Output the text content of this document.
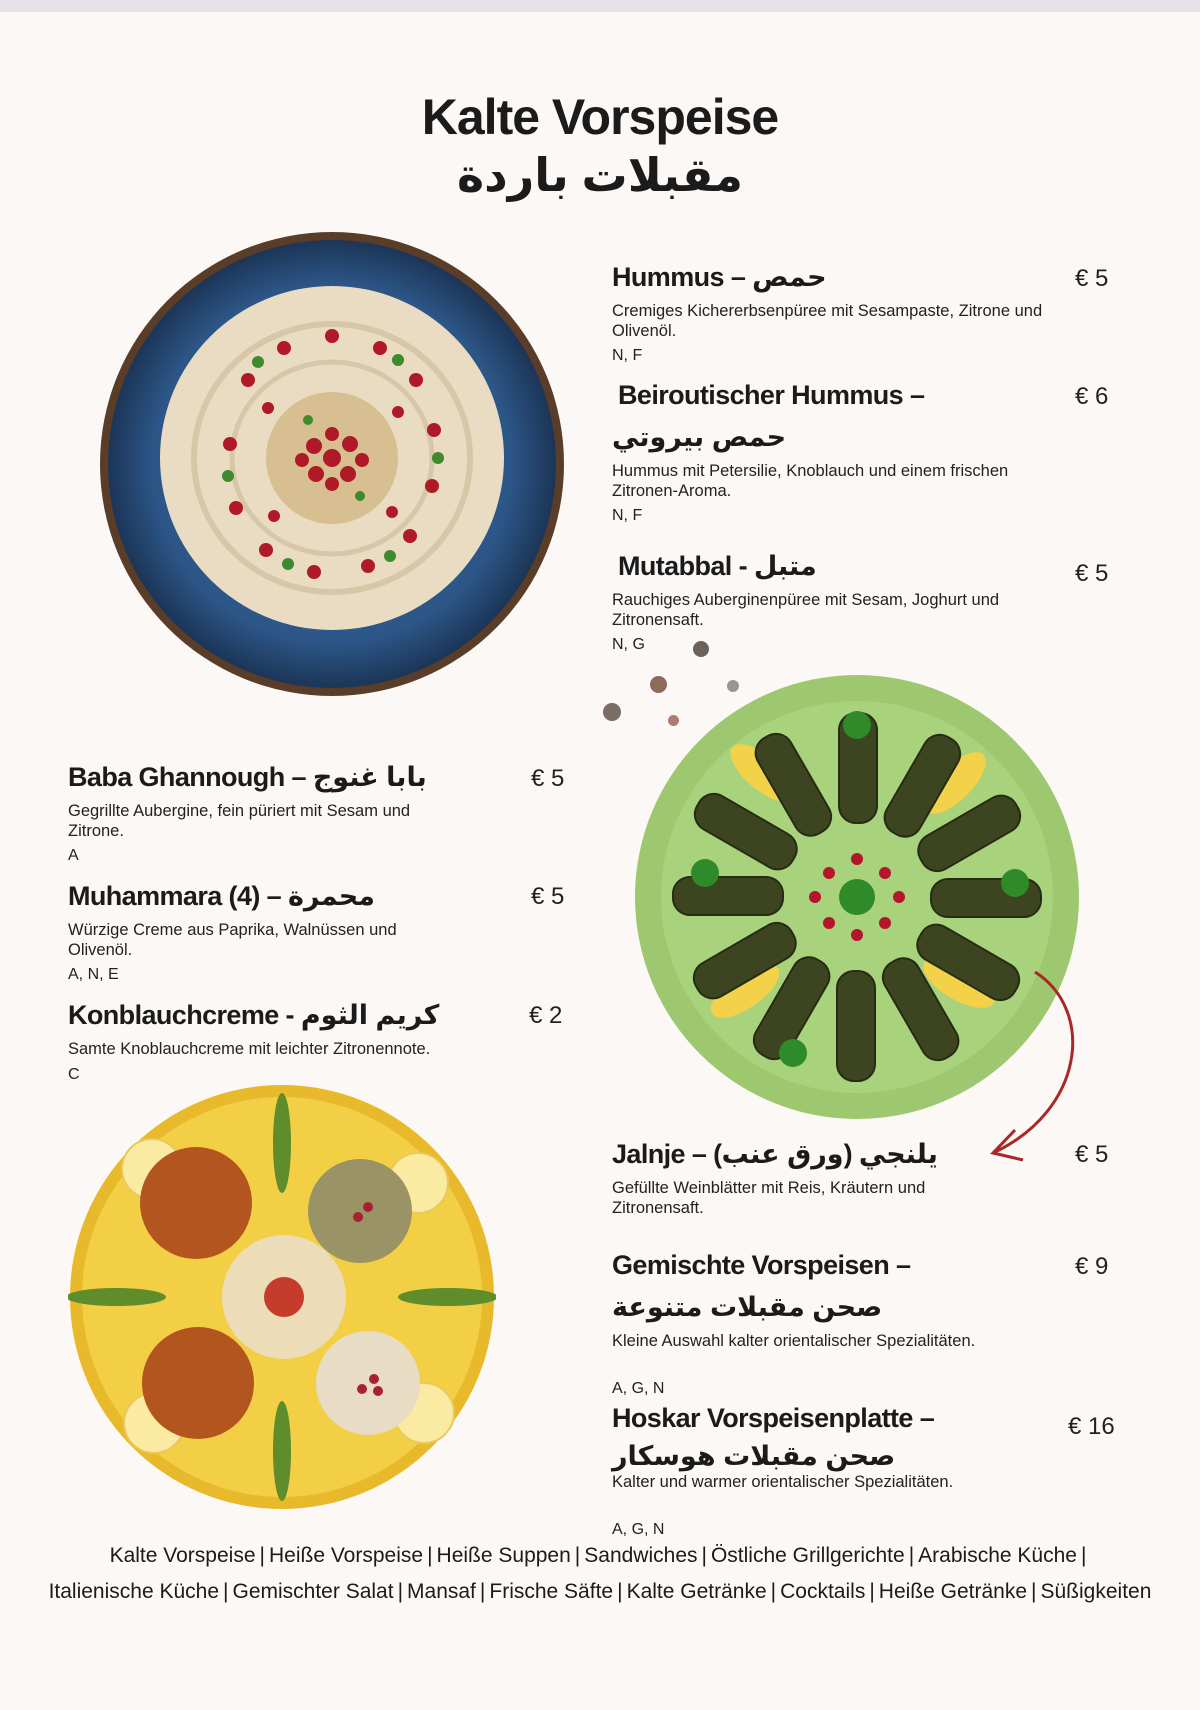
Kalte Vorspeise
مقبلات باردة
Hummus – حمص
Cremiges Kichererbsenpüree mit Sesampaste, Zitrone und Olivenöl.
N, F
€ 5
Beiroutischer Hummus –
حمص بيروتي
Hummus mit Petersilie, Knoblauch und einem frischen Zitronen-Aroma.
N, F
€ 6
Mutabbal - متبل
Rauchiges Auberginenpüree mit Sesam, Joghurt und Zitronensaft.
N, G
€ 5
Baba Ghannough – بابا غنوج
Gegrillte Aubergine, fein püriert mit Sesam und Zitrone.
A
€ 5
Muhammara (4) – محمرة
Würzige Creme aus Paprika, Walnüssen und Olivenöl.
A, N, E
€ 5
Konblauchcreme - كريم الثوم
Samte Knoblauchcreme mit leichter Zitronennote.
C
€ 2
Jalnje – (ورق عنب) يلنجي
Gefüllte Weinblätter mit Reis, Kräutern und Zitronensaft.
€ 5
Gemischte Vorspeisen –
صحن مقبلات متنوعة
Kleine Auswahl kalter orientalischer Spezialitäten.
A, G, N
€ 9
Hoskar Vorspeisenplatte –
صحن مقبلات هوسكار
Kalter und warmer orientalischer Spezialitäten.
A, G, N
€ 16
Kalte Vorspeise | Heiße Vorspeise | Heiße Suppen | Sandwiches | Östliche Grillgerichte | Arabische Küche |
Italienische Küche | Gemischter Salat | Mansaf | Frische Säfte | Kalte Getränke | Cocktails | Heiße Getränke | Süßigkeiten
